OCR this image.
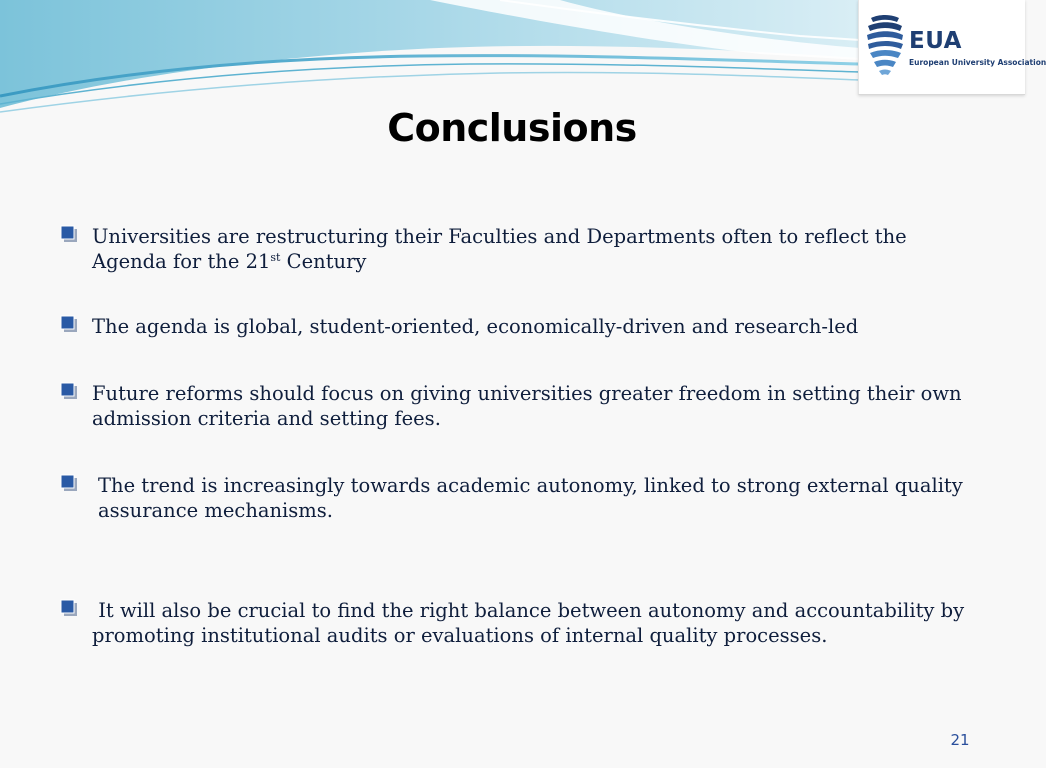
EUA
European University Association
Conclusions
Universities are restructuring their Faculties and Departments often to reflect the Agenda for the 21st Century
The agenda is global, student-oriented, economically-driven and research-led
Future reforms should focus on giving universities greater freedom in setting their own admission criteria and setting fees.
The trend is increasingly towards academic autonomy, linked to strong external quality assurance mechanisms.
It will also be crucial to find the right balance between autonomy and accountability by promoting institutional audits or evaluations of internal quality processes.
21
